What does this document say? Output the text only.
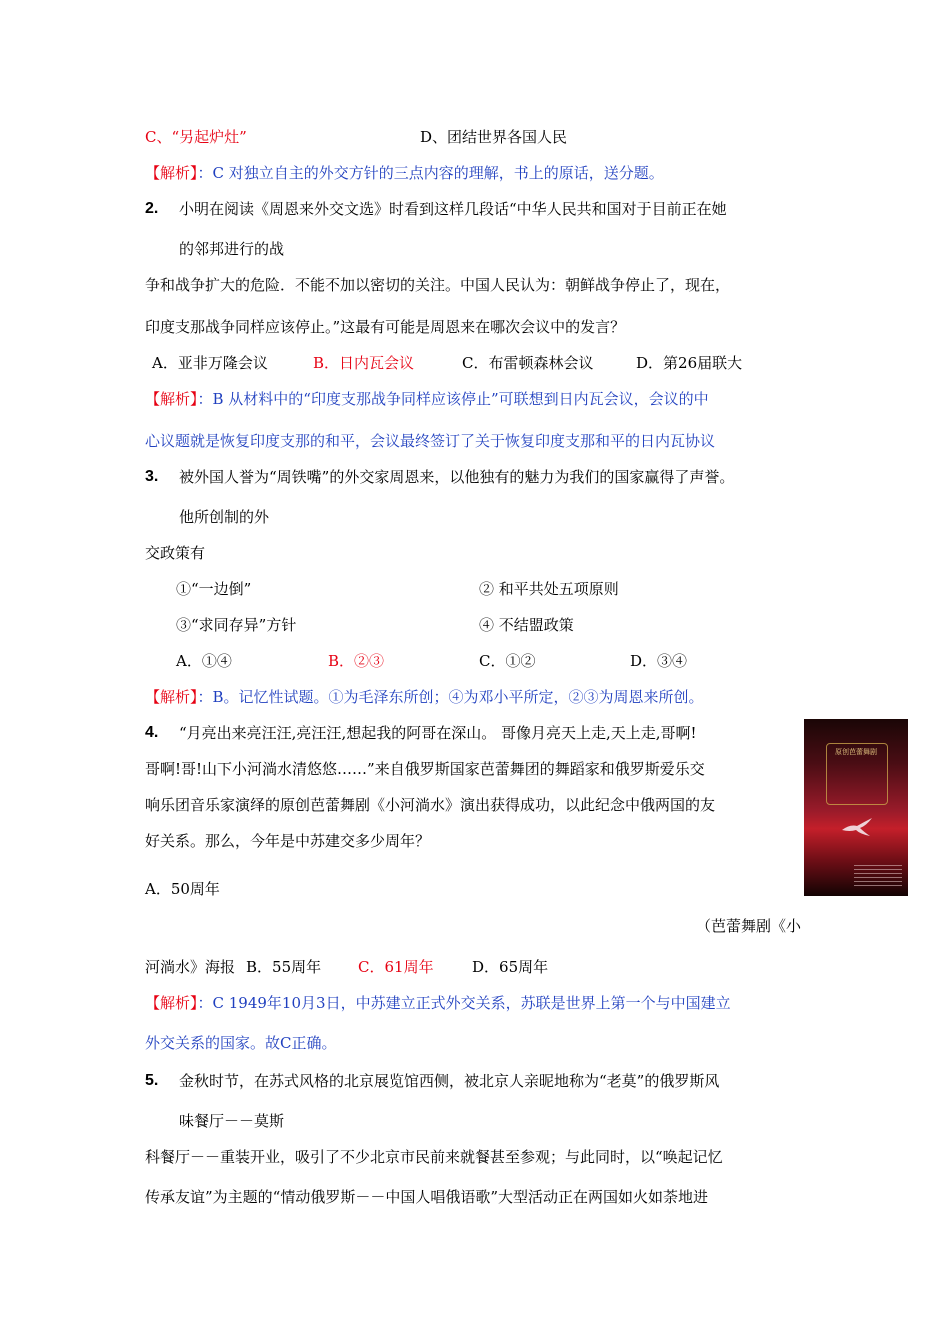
C、“另起炉灶”	D、团结世界各国人民
【解析】：C 对独立自主的外交方针的三点内容的理解，书上的原话，送分题。
2. 小明在阅读《周恩来外交文选》时看到这样几段话“中华人民共和国对于目前正在她
的邻邦进行的战
争和战争扩大的危险．不能不加以密切的关注。中国人民认为：朝鲜战争停止了，现在，
印度支那战争同样应该停止。”这最有可能是周恩来在哪次会议中的发言？
A．亚非万隆会议	B．日内瓦会议	C．布雷顿森林会议	D．第26届联大
【解析】：B 从材料中的“印度支那战争同样应该停止”可联想到日内瓦会议，会议的中
心议题就是恢复印度支那的和平，会议最终签订了关于恢复印度支那和平的日内瓦协议
3. 被外国人誉为“周铁嘴”的外交家周恩来，以他独有的魅力为我们的国家赢得了声誉。
他所创制的外
交政策有
①“一边倒”	② 和平共处五项原则
③“求同存异”方针	④ 不结盟政策
A．①④	B．②③	C．①②	D．③④
【解析】：B。记忆性试题。①为毛泽东所创；④为邓小平所定，②③为周恩来所创。
4. “月亮出来亮汪汪,亮汪汪,想起我的阿哥在深山。 哥像月亮天上走,天上走,哥啊!
哥啊!哥!山下小河淌水清悠悠……”来自俄罗斯国家芭蕾舞团的舞蹈家和俄罗斯爱乐交
响乐团音乐家演绎的原创芭蕾舞剧《小河淌水》演出获得成功，以此纪念中俄两国的友
好关系。那么，今年是中苏建交多少周年？
A．50周年
原创芭蕾舞剧
（芭蕾舞剧《小
河淌水》海报 B．55周年 C．61周年	D．65周年
【解析】：C 1949年10月3日，中苏建立正式外交关系，苏联是世界上第一个与中国建立
外交关系的国家。故C正确。
5. 金秋时节，在苏式风格的北京展览馆西侧，被北京人亲昵地称为“老莫”的俄罗斯风
味餐厅－－莫斯
科餐厅－－重装开业，吸引了不少北京市民前来就餐甚至参观；与此同时，以“唤起记忆
传承友谊”为主题的“情动俄罗斯－－中国人唱俄语歌”大型活动正在两国如火如荼地进
